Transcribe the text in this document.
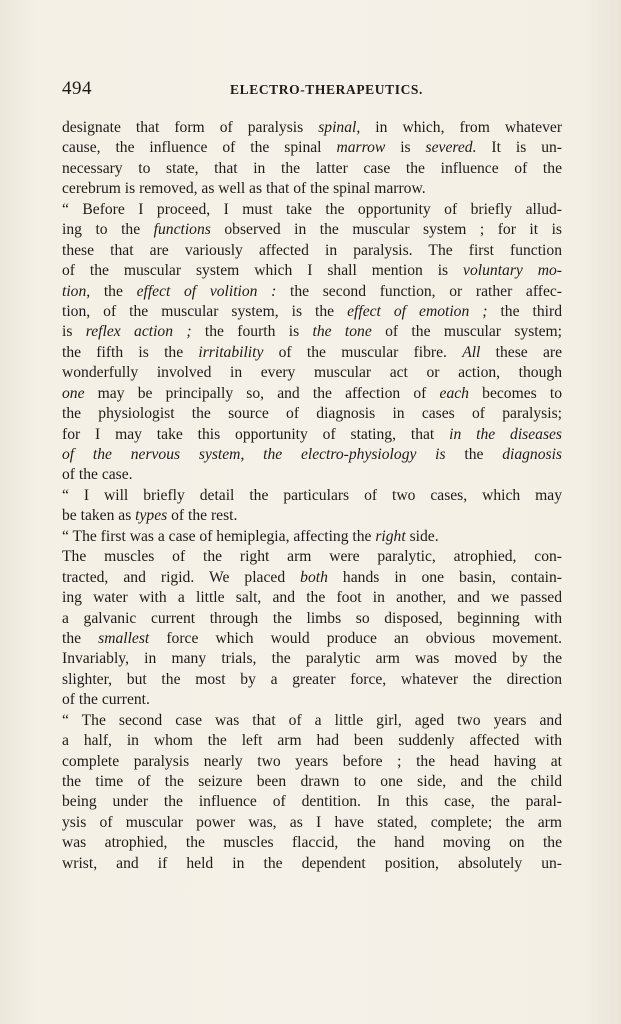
494	ELECTRO-THERAPEUTICS.
designate that form of paralysis spinal, in which, from whatever
cause, the influence of the spinal marrow is severed. It is un-
necessary to state, that in the latter case the influence of the
cerebrum is removed, as well as that of the spinal marrow.
“ Before I proceed, I must take the opportunity of briefly allud-
ing to the functions observed in the muscular system ; for it is
these that are variously affected in paralysis. The first function
of the muscular system which I shall mention is voluntary mo-
tion, the effect of volition : the second function, or rather affec-
tion, of the muscular system, is the effect of emotion ; the third
is reflex action ; the fourth is the tone of the muscular system;
the fifth is the irritability of the muscular fibre. All these are
wonderfully involved in every muscular act or action, though
one may be principally so, and the affection of each becomes to
the physiologist the source of diagnosis in cases of paralysis;
for I may take this opportunity of stating, that in the diseases
of the nervous system, the electro-physiology is the diagnosis
of the case.
“ I will briefly detail the particulars of two cases, which may
be taken as types of the rest.
“ The first was a case of hemiplegia, affecting the right side.
The muscles of the right arm were paralytic, atrophied, con-
tracted, and rigid. We placed both hands in one basin, contain-
ing water with a little salt, and the foot in another, and we passed
a galvanic current through the limbs so disposed, beginning with
the smallest force which would produce an obvious movement.
Invariably, in many trials, the paralytic arm was moved by the
slighter, but the most by a greater force, whatever the direction
of the current.
“ The second case was that of a little girl, aged two years and
a half, in whom the left arm had been suddenly affected with
complete paralysis nearly two years before ; the head having at
the time of the seizure been drawn to one side, and the child
being under the influence of dentition. In this case, the paral-
ysis of muscular power was, as I have stated, complete; the arm
was atrophied, the muscles flaccid, the hand moving on the
wrist, and if held in the dependent position, absolutely un-
